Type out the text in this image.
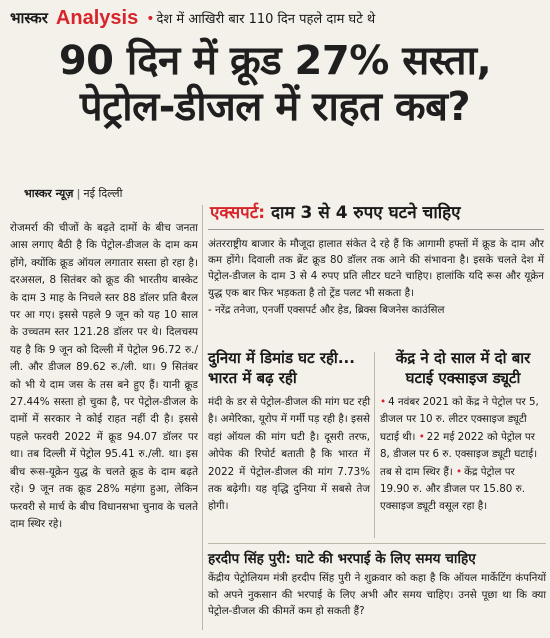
भास्कर Analysis • देश में आखिरी बार 110 दिन पहले दाम घटे थे
90 दिन में क्रूड 27% सस्ता,
पेट्रोल-डीजल में राहत कब?
भास्कर न्यूज़ | नई दिल्ली

रोजमर्रा की चीजों के बढ़ते दामों के बीच जनता आस लगाए बैठी है कि पेट्रोल-डीजल के दाम कम होंगे, क्योंकि क्रूड ऑयल लगातार सस्ता हो रहा है। दरअसल, 8 सितंबर को क्रूड की भारतीय बास्केट के दाम 3 माह के निचले स्तर 88 डॉलर प्रति बैरल पर आ गए। इससे पहले 9 जून को यह 10 साल के उच्चतम स्तर 121.28 डॉलर पर थे। दिलचस्प यह है कि 9 जून को दिल्ली में पेट्रोल 96.72 रु./ली. और डीजल 89.62 रु./ली. था। 9 सितंबर को भी ये दाम जस के तस बने हुए हैं। यानी क्रूड 27.44% सस्ता हो चुका है, पर पेट्रोल-डीजल के दामों में सरकार ने कोई राहत नहीं दी है। इससे पहले फरवरी 2022 में क्रूड 94.07 डॉलर पर था। तब दिल्ली में पेट्रोल 95.41 रु./ली. था। इस बीच रूस-यूक्रेन युद्ध के चलते क्रूड के दाम बढ़ते रहे। 9 जून तक क्रूड 28% महंगा हुआ, लेकिन फरवरी से मार्च के बीच विधानसभा चुनाव के चलते दाम स्थिर रहे।

एक्सपर्ट: दाम 3 से 4 रुपए घटने चाहिए
अंतरराष्ट्रीय बाजार के मौजूदा हालात संकेत दे रहे हैं कि आगामी हफ्तों में क्रूड के दाम और कम होंगे। दिवाली तक ब्रेंट क्रूड 80 डॉलर तक आने की संभावना है। इसके चलते देश में पेट्रोल-डीजल के दाम 3 से 4 रुपए प्रति लीटर घटने चाहिए। हालांकि यदि रूस और यूक्रेन युद्ध एक बार फिर भड़कता है तो ट्रेंड पलट भी सकता है।
- नरेंद्र तनेजा, एनर्जी एक्सपर्ट और हेड, ब्रिक्स बिजनेस काउंसिल
दुनिया में डिमांड घट रही... भारत में बढ़ रही
मंदी के डर से पेट्रोल-डीजल की मांग घट रही है। अमेरिका, यूरोप में गर्मी पड़ रही है। इससे वहां ऑयल की मांग घटी है। दूसरी तरफ, ओपेक की रिपोर्ट बताती है कि भारत में 2022 में पेट्रोल-डीजल की मांग 7.73% तक बढ़ेगी। यह वृद्धि दुनिया में सबसे तेज होगी।
केंद्र ने दो साल में दो बार घटाई एक्साइज ड्यूटी
• 4 नवंबर 2021 को केंद्र ने पेट्रोल पर 5, डीजल पर 10 रु. लीटर एक्साइज ड्यूटी घटाई थी। • 22 मई 2022 को पेट्रोल पर 8, डीजल पर 6 रु. एक्साइज ड्यूटी घटाई। तब से दाम स्थिर हैं। • केंद्र पेट्रोल पर 19.90 रु. और डीजल पर 15.80 रु. एक्साइज ड्यूटी वसूल रहा है।
हरदीप सिंह पुरी: घाटे की भरपाई के लिए समय चाहिए
केंद्रीय पेट्रोलियम मंत्री हरदीप सिंह पुरी ने शुक्रवार को कहा है कि ऑयल मार्केटिंग कंपनियों को अपने नुकसान की भरपाई के लिए अभी और समय चाहिए। उनसे पूछा था कि क्या पेट्रोल-डीजल की कीमतें कम हो सकती हैं?
